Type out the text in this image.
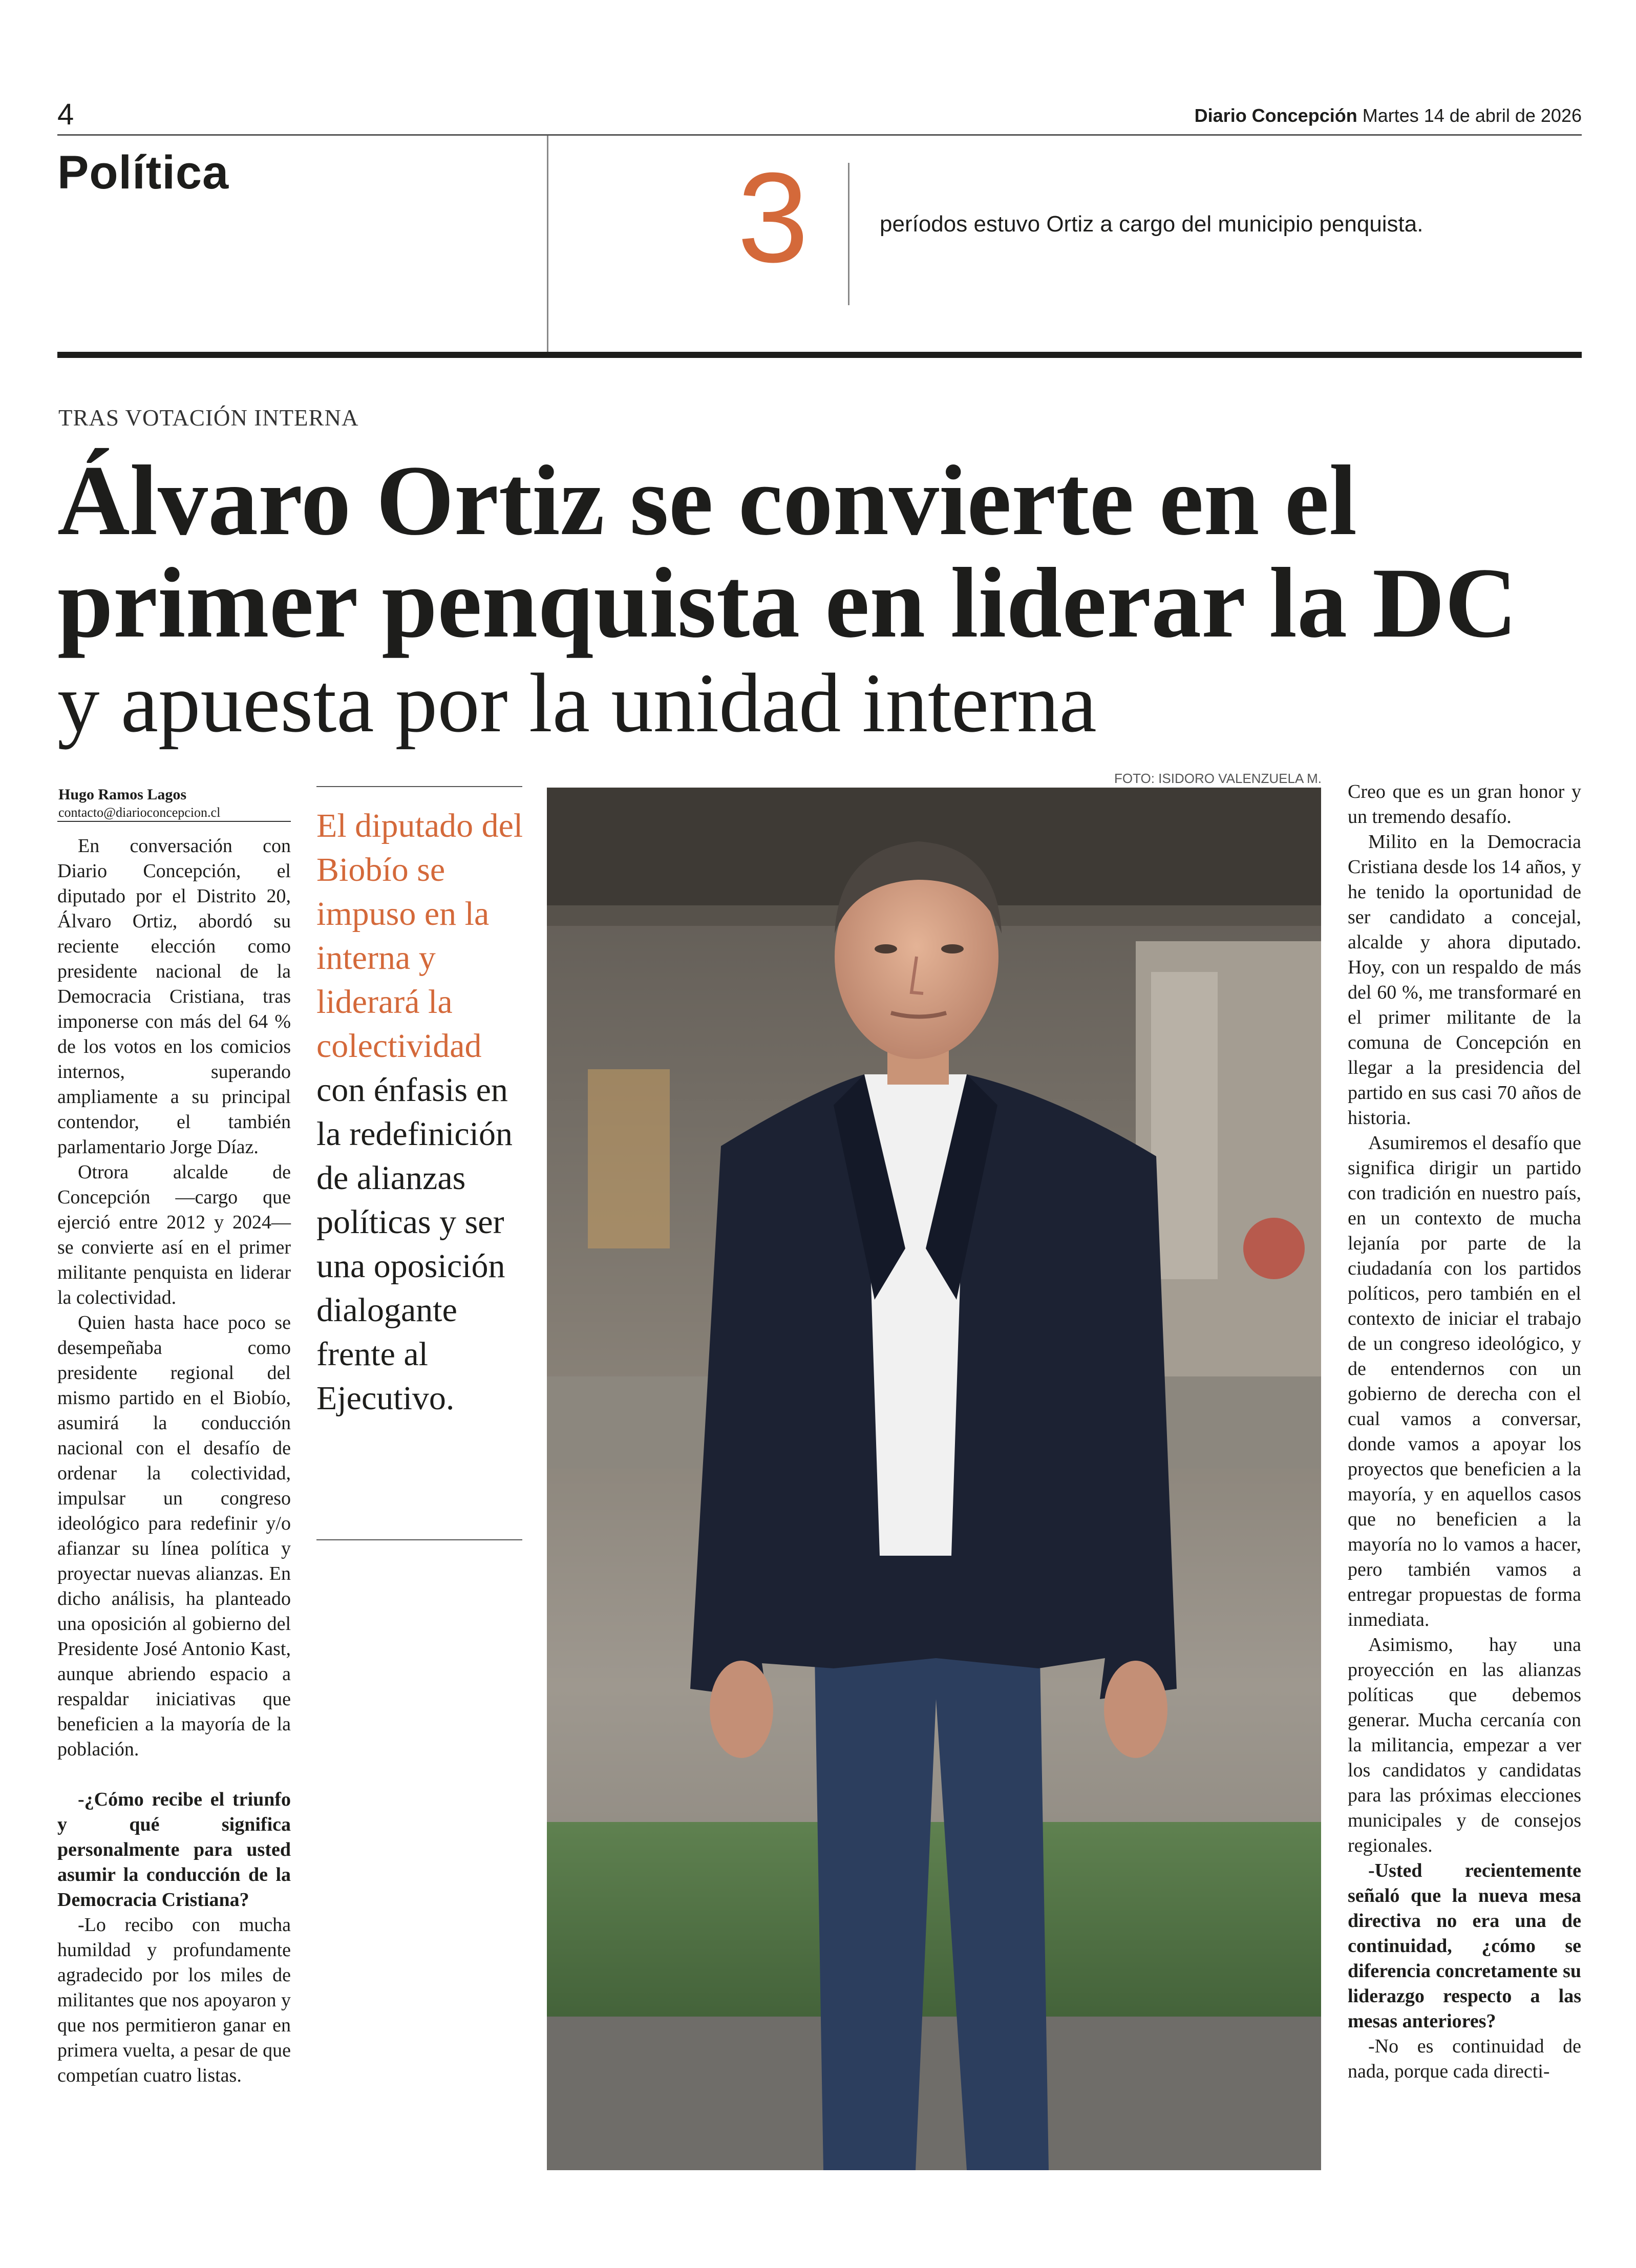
4	Diario Concepción Martes 14 de abril de 2026
Política	3	períodos estuvo Ortiz a cargo del municipio penquista.
TRAS VOTACIÓN INTERNA
Álvaro Ortiz se convierte en el
primer penquista en liderar la DC
y apuesta por la unidad interna
Hugo Ramos Lagos
contacto@diarioconcepcion.cl

En conversación con Diario Concepción, el diputado por el Distrito 20, Álvaro Ortiz, abordó su reciente elección como presidente nacional de la Democracia Cristiana, tras imponerse con más del 64 % de los votos en los comicios internos, superando ampliamente a su principal contendor, el también parlamentario Jorge Díaz.

Otrora alcalde de Concepción —cargo que ejerció entre 2012 y 2024— se convierte así en el primer militante penquista en liderar la colectividad.

Quien hasta hace poco se desempeñaba como presidente regional del mismo partido en el Biobío, asumirá la conducción nacional con el desafío de ordenar la colectividad, impulsar un congreso ideológico para redefinir y/o afianzar su línea política y proyectar nuevas alianzas. En dicho análisis, ha planteado una oposición al gobierno del Presidente José Antonio Kast, aunque abriendo espacio a respaldar iniciativas que beneficien a la mayoría de la población.

-¿Cómo recibe el triunfo y qué significa personalmente para usted asumir la conducción de la Democracia Cristiana?

-Lo recibo con mucha humildad y profundamente agradecido por los miles de militantes que nos apoyaron y que nos permitieron ganar en primera vuelta, a pesar de que competían cuatro listas.

El diputado del Biobío se impuso en la interna y liderará la colectividad con énfasis en la redefinición de alianzas políticas y ser una oposición dialogante frente al Ejecutivo.
FOTO: ISIDORO VALENZUELA M.

Creo que es un gran honor y un tremendo desafío.

Milito en la Democracia Cristiana desde los 14 años, y he tenido la oportunidad de ser candidato a concejal, alcalde y ahora diputado. Hoy, con un respaldo de más del 60 %, me transformaré en el primer militante de la comuna de Concepción en llegar a la presidencia del partido en sus casi 70 años de historia.

Asumiremos el desafío que significa dirigir un partido con tradición en nuestro país, en un contexto de mucha lejanía por parte de la ciudadanía con los partidos políticos, pero también en el contexto de iniciar el trabajo de un congreso ideológico, y de entendernos con un gobierno de derecha con el cual vamos a conversar, donde vamos a apoyar los proyectos que beneficien a la mayoría, y en aquellos casos que no beneficien a la mayoría no lo vamos a hacer, pero también vamos a entregar propuestas de forma inmediata.

Asimismo, hay una proyección en las alianzas políticas que debemos generar. Mucha cercanía con la militancia, empezar a ver los candidatos y candidatas para las próximas elecciones municipales y de consejos regionales.

-Usted recientemente señaló que la nueva mesa directiva no era una de continuidad, ¿cómo se diferencia concretamente su liderazgo respecto a las mesas anteriores?

-No es continuidad de nada, porque cada directi-
